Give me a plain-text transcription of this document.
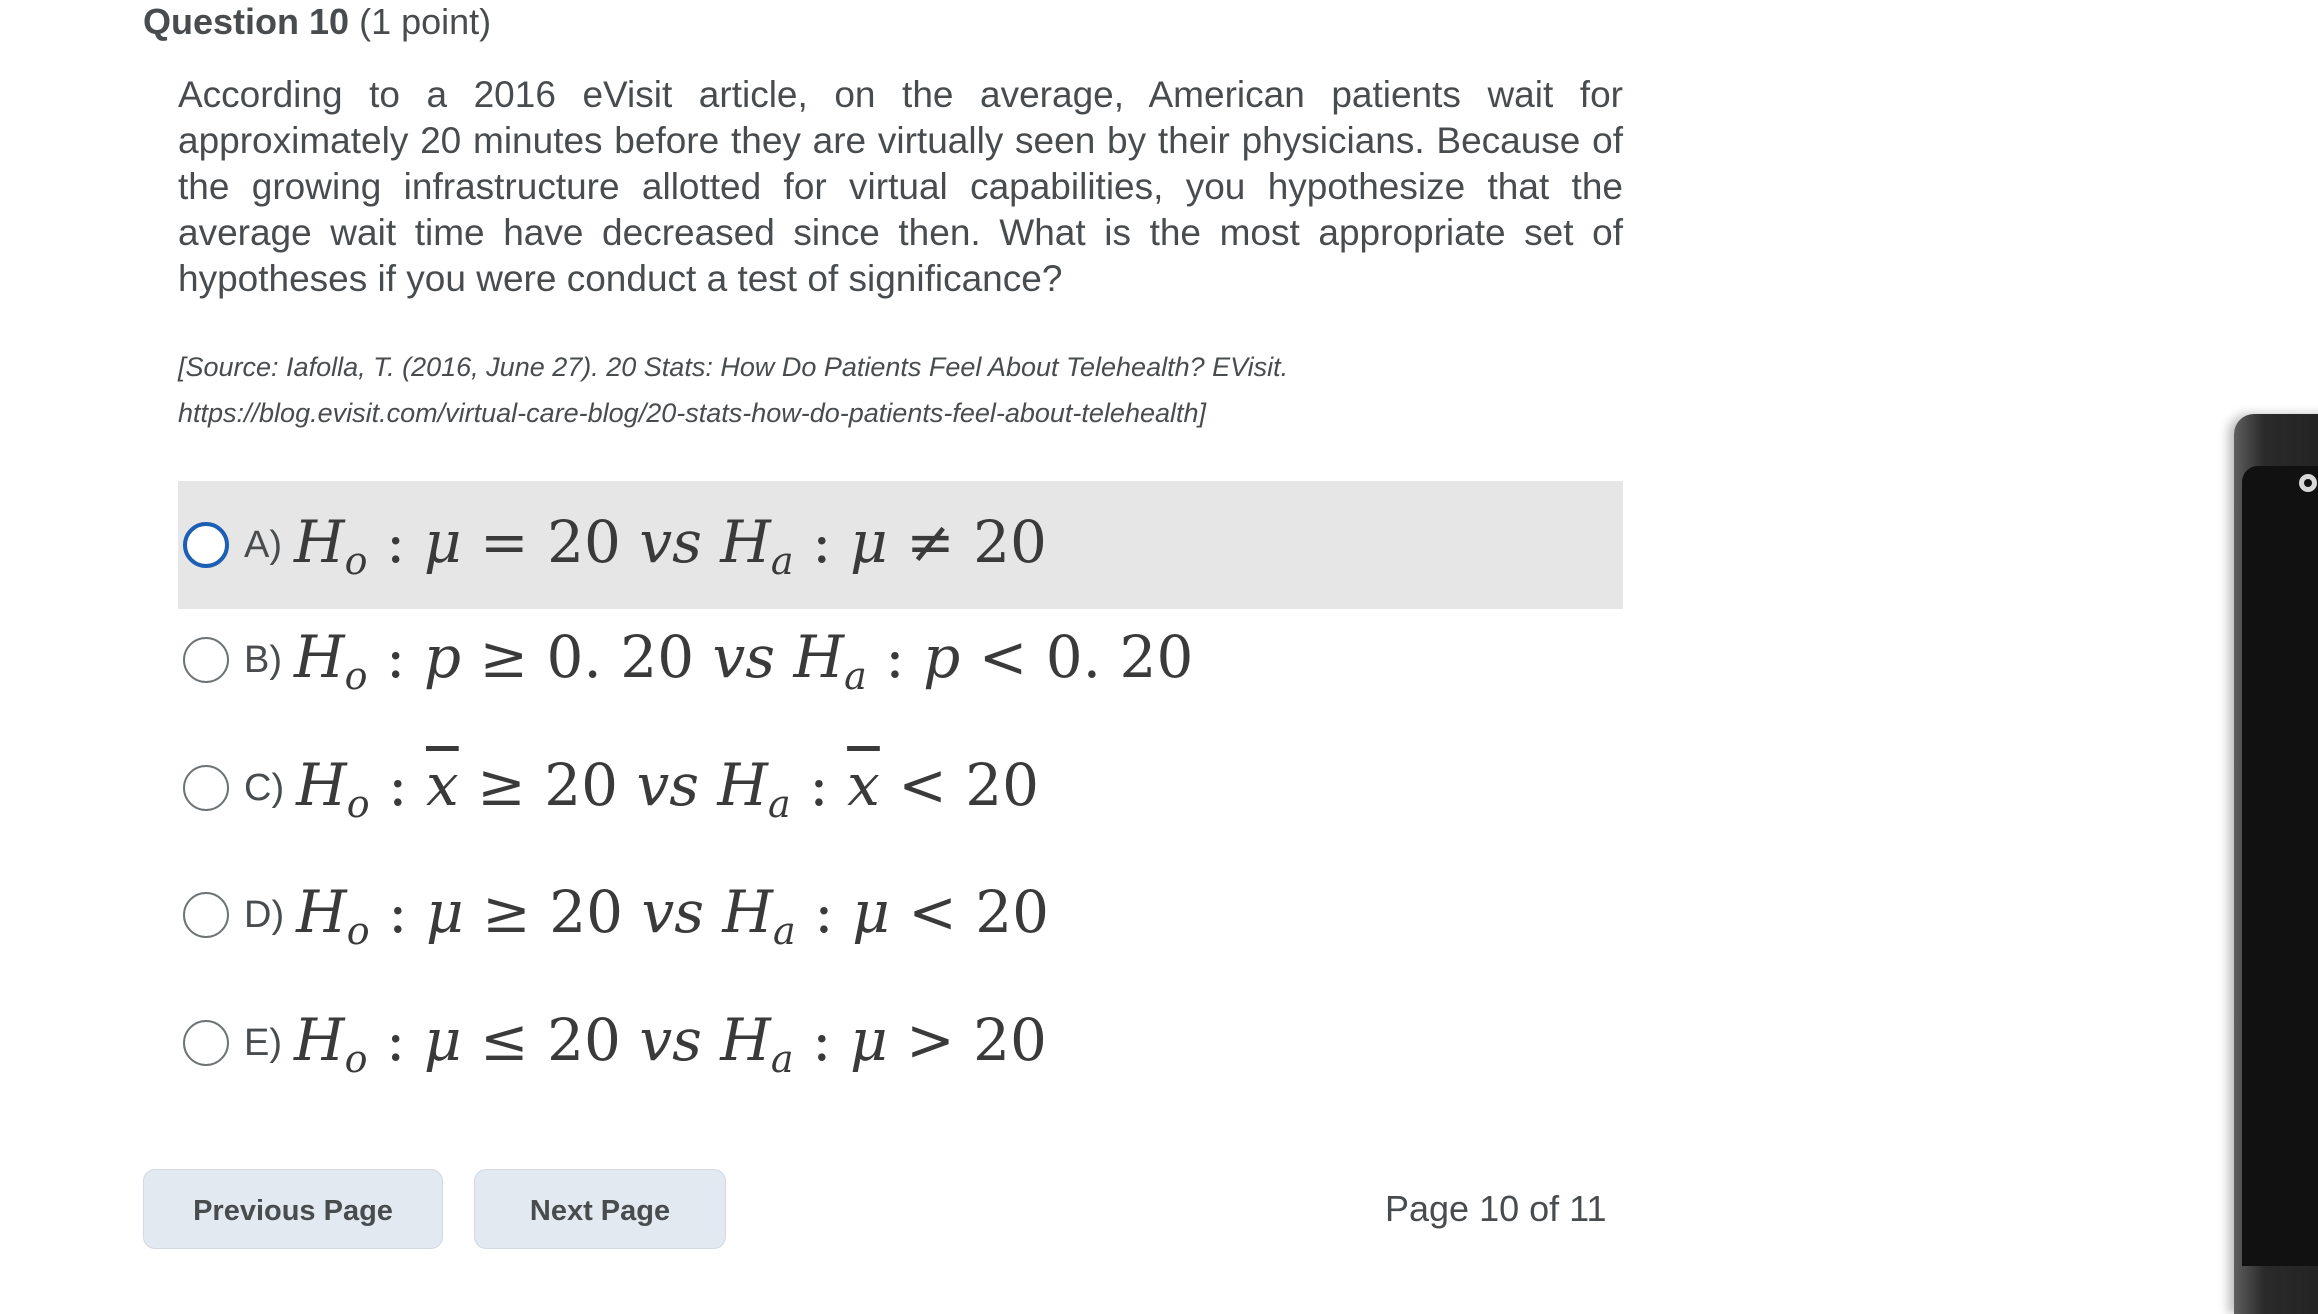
Question 10 (1 point)
According to a 2016 eVisit article, on the average, American patients wait for approximately 20 minutes before they are virtually seen by their physicians. Because of the growing infrastructure allotted for virtual capabilities, you hypothesize that the average wait time have decreased since then. What is the most appropriate set of hypotheses if you were conduct a test of significance?
[Source: Iafolla, T. (2016, June 27). 20 Stats: How Do Patients Feel About Telehealth? EVisit.
https://blog.evisit.com/virtual-care-blog/20-stats-how-do-patients-feel-about-telehealth]
A) $H_o$ : μ = 20 vs $H_a$ : μ ≠ 20
B) $H_o$ : p ≥ 0. 20 vs $H_a$ : p < 0. 20
C) $H_o$ : $\overline{x} \ge 20$ vs $H_a$ : $\overline{x} < 20$
D) $H_o$ : μ ≥ 20 vs $H_a$ : μ < 20
E) $H_o$ : μ ≤ 20 vs $H_a$ : μ > 20
Previous Page	Next Page	Page 10 of 11
